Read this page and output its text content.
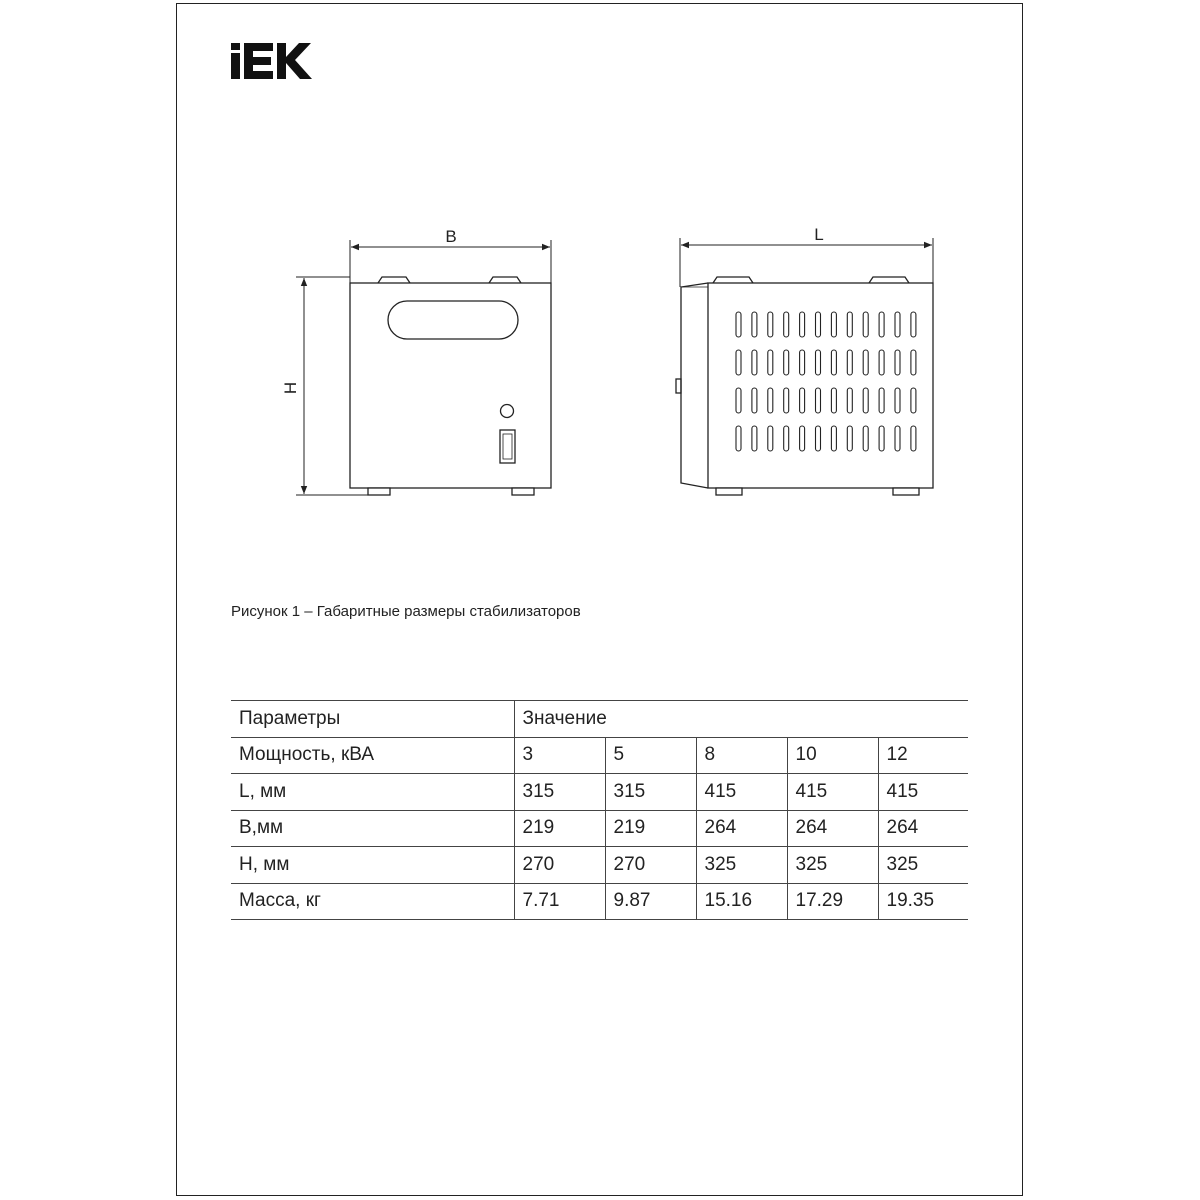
B
H
L
Рисунок 1 – Габаритные размеры стабилизаторов
Параметры	Значение				
Мощность, кВА	3	5	8	10	12
L, мм	315	315	415	415	415
B,мм	219	219	264	264	264
H, мм	270	270	325	325	325
Масса, кг	7.71	9.87	15.16	17.29	19.35
